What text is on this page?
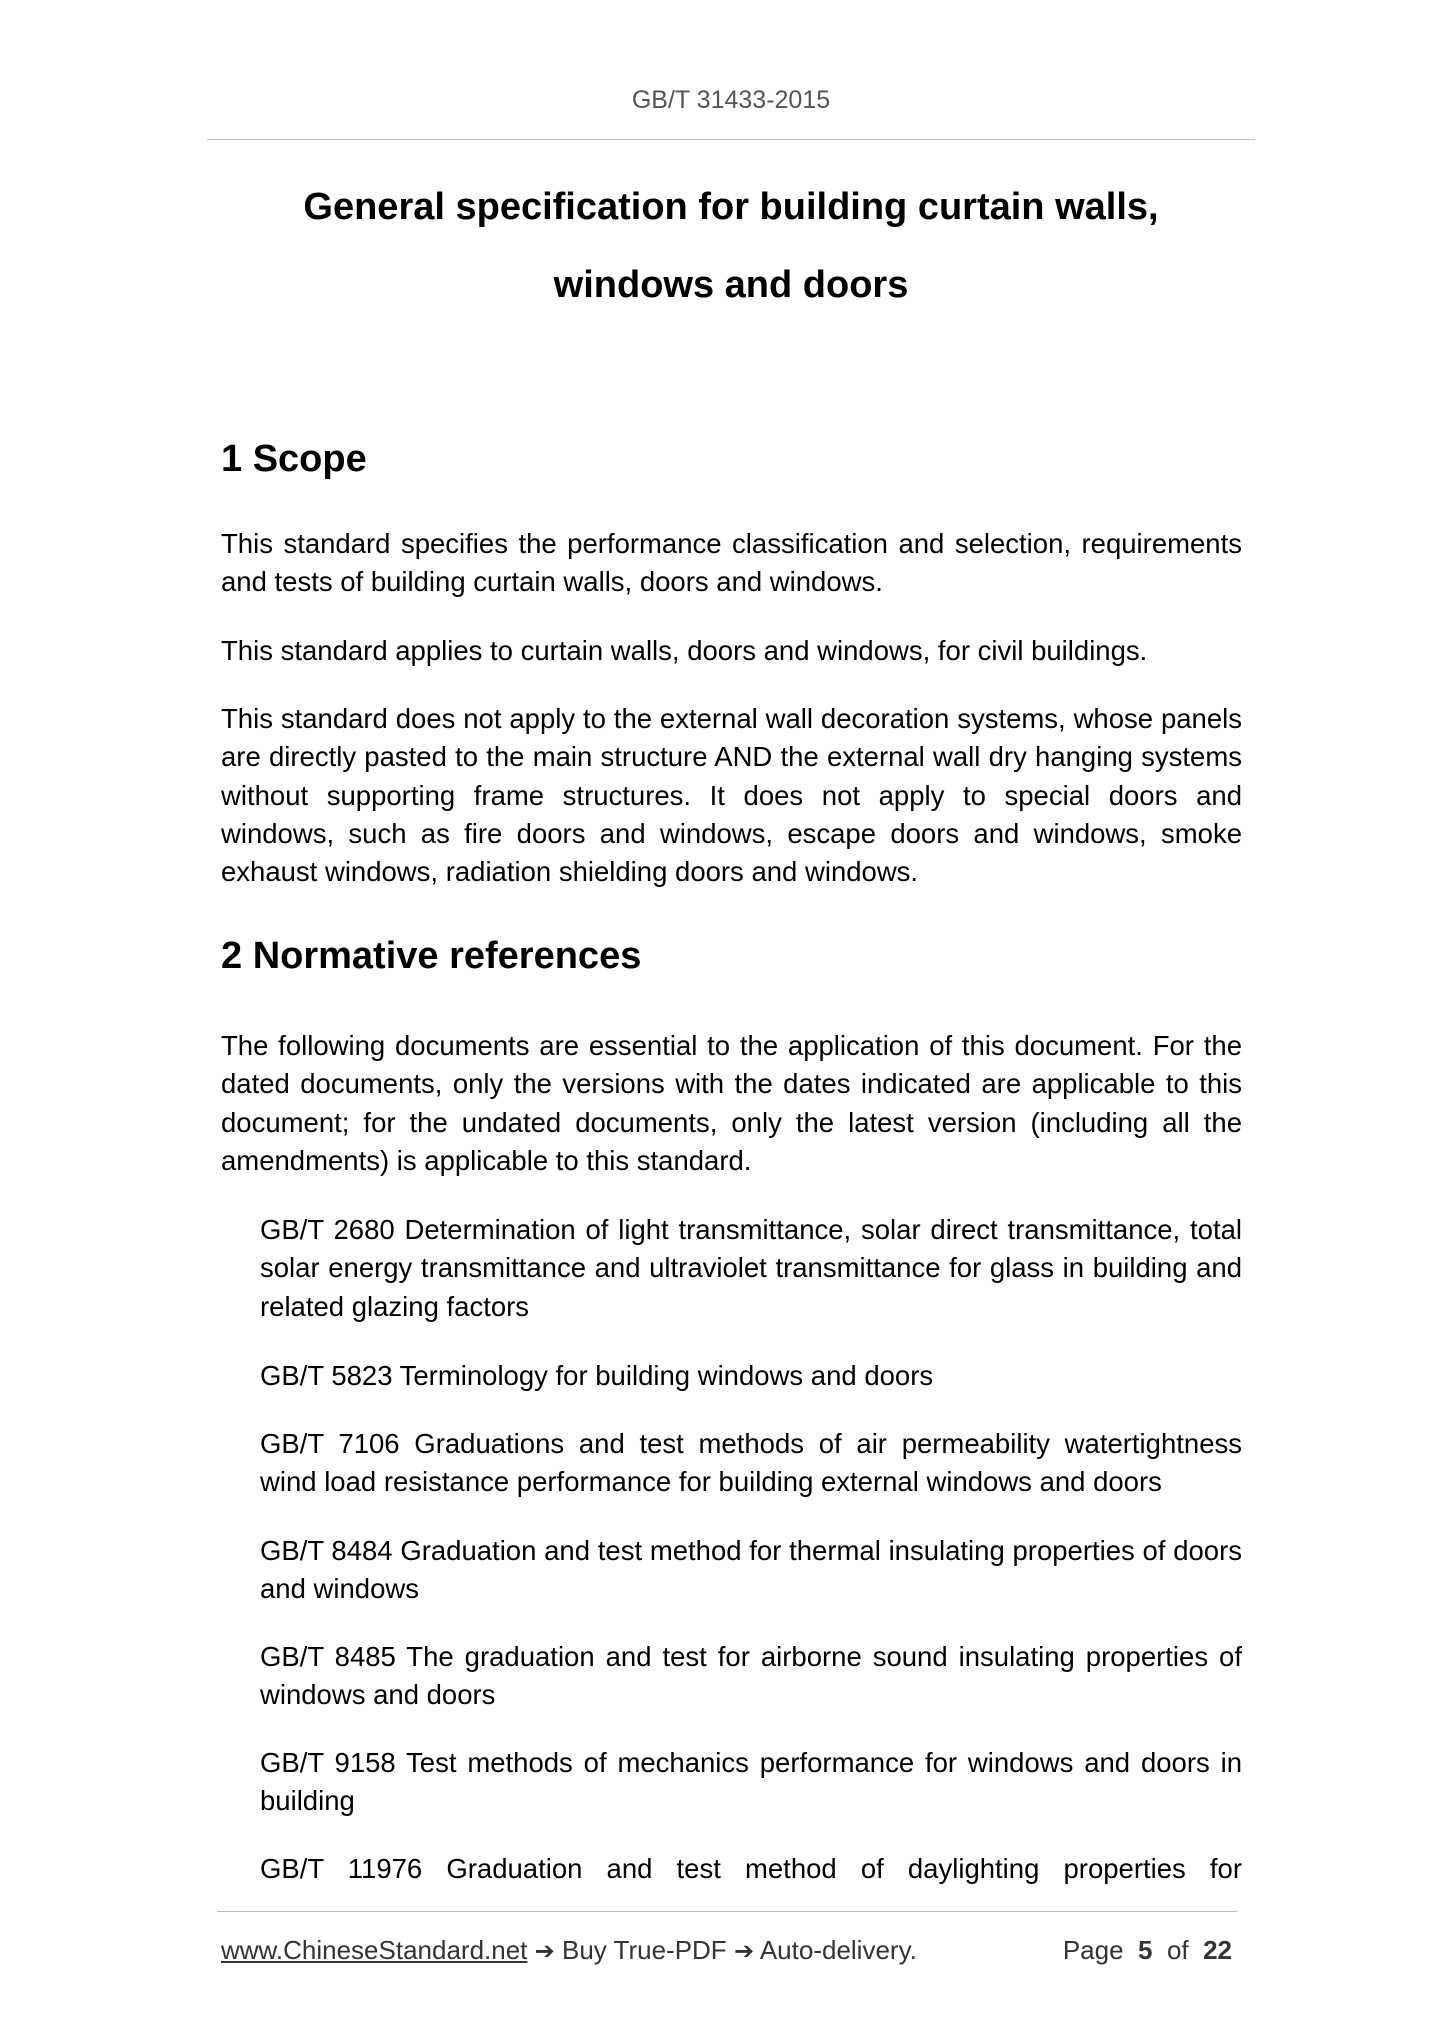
GB/T 31433-2015
General specification for building curtain walls,
windows and doors
1 Scope
This standard specifies the performance classification and selection, requirements and tests of building curtain walls, doors and windows.
This standard applies to curtain walls, doors and windows, for civil buildings.
This standard does not apply to the external wall decoration systems, whose panels are directly pasted to the main structure AND the external wall dry hanging systems without supporting frame structures. It does not apply to special doors and windows, such as fire doors and windows, escape doors and windows, smoke exhaust windows, radiation shielding doors and windows.
2 Normative references
The following documents are essential to the application of this document. For the dated documents, only the versions with the dates indicated are applicable to this document; for the undated documents, only the latest version (including all the amendments) is applicable to this standard.
GB/T 2680 Determination of light transmittance, solar direct transmittance, total solar energy transmittance and ultraviolet transmittance for glass in building and related glazing factors
GB/T 5823 Terminology for building windows and doors
GB/T 7106 Graduations and test methods of air permeability watertightness wind load resistance performance for building external windows and doors
GB/T 8484 Graduation and test method for thermal insulating properties of doors and windows
GB/T 8485 The graduation and test for airborne sound insulating properties of windows and doors
GB/T 9158 Test methods of mechanics performance for windows and doors in building
GB/T 11976 Graduation and test method of daylighting properties for
www.ChineseStandard.net ➔ Buy True-PDF ➔ Auto-delivery.	Page 5 of 22
